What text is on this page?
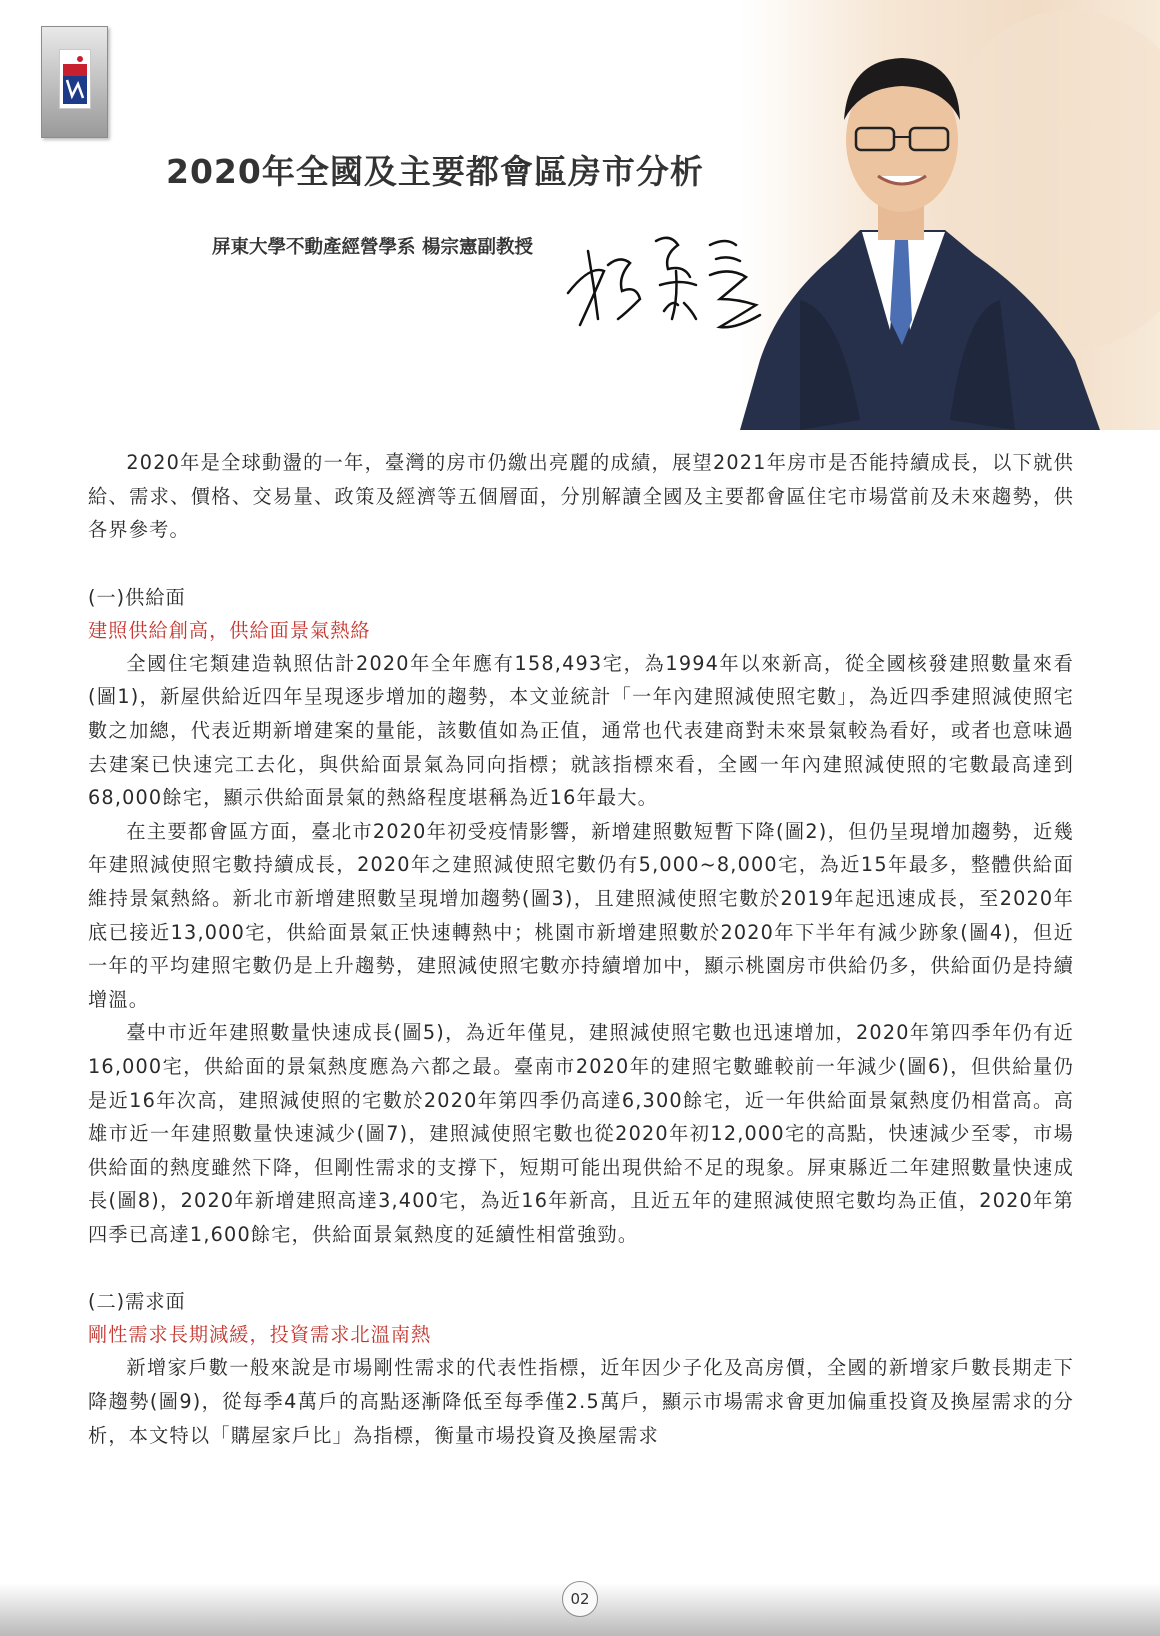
2020年全國及主要都會區房市分析
屏東大學不動產經營學系 楊宗憲副教授

2020年是全球動盪的一年，臺灣的房市仍繳出亮麗的成績，展望2021年房市是否能持續成長，以下就供給、需求、價格、交易量、政策及經濟等五個層面，分別解讀全國及主要都會區住宅市場當前及未來趨勢，供各界參考。

(一)供給面
建照供給創高，供給面景氣熱絡

全國住宅類建造執照估計2020年全年應有158,493宅，為1994年以來新高，從全國核發建照數量來看(圖1)，新屋供給近四年呈現逐步增加的趨勢，本文並統計「一年內建照減使照宅數」，為近四季建照減使照宅數之加總，代表近期新增建案的量能，該數值如為正值，通常也代表建商對未來景氣較為看好，或者也意味過去建案已快速完工去化，與供給面景氣為同向指標；就該指標來看，全國一年內建照減使照的宅數最高達到68,000餘宅，顯示供給面景氣的熱絡程度堪稱為近16年最大。

在主要都會區方面，臺北市2020年初受疫情影響，新增建照數短暫下降(圖2)，但仍呈現增加趨勢，近幾年建照減使照宅數持續成長，2020年之建照減使照宅數仍有5,000~8,000宅，為近15年最多，整體供給面維持景氣熱絡。新北市新增建照數呈現增加趨勢(圖3)，且建照減使照宅數於2019年起迅速成長，至2020年底已接近13,000宅，供給面景氣正快速轉熱中；桃園市新增建照數於2020年下半年有減少跡象(圖4)，但近一年的平均建照宅數仍是上升趨勢，建照減使照宅數亦持續增加中，顯示桃園房市供給仍多，供給面仍是持續增溫。

臺中市近年建照數量快速成長(圖5)，為近年僅見，建照減使照宅數也迅速增加，2020年第四季年仍有近16,000宅，供給面的景氣熱度應為六都之最。臺南市2020年的建照宅數雖較前一年減少(圖6)，但供給量仍是近16年次高，建照減使照的宅數於2020年第四季仍高達6,300餘宅，近一年供給面景氣熱度仍相當高。高雄市近一年建照數量快速減少(圖7)，建照減使照宅數也從2020年初12,000宅的高點，快速減少至零，市場供給面的熱度雖然下降，但剛性需求的支撐下，短期可能出現供給不足的現象。屏東縣近二年建照數量快速成長(圖8)，2020年新增建照高達3,400宅，為近16年新高，且近五年的建照減使照宅數均為正值，2020年第四季已高達1,600餘宅，供給面景氣熱度的延續性相當強勁。

(二)需求面
剛性需求長期減緩，投資需求北溫南熱

新增家戶數一般來說是市場剛性需求的代表性指標，近年因少子化及高房價，全國的新增家戶數長期走下降趨勢(圖9)，從每季4萬戶的高點逐漸降低至每季僅2.5萬戶，顯示市場需求會更加偏重投資及換屋需求的分析，本文特以「購屋家戶比」為指標，衡量市場投資及換屋需求

02
